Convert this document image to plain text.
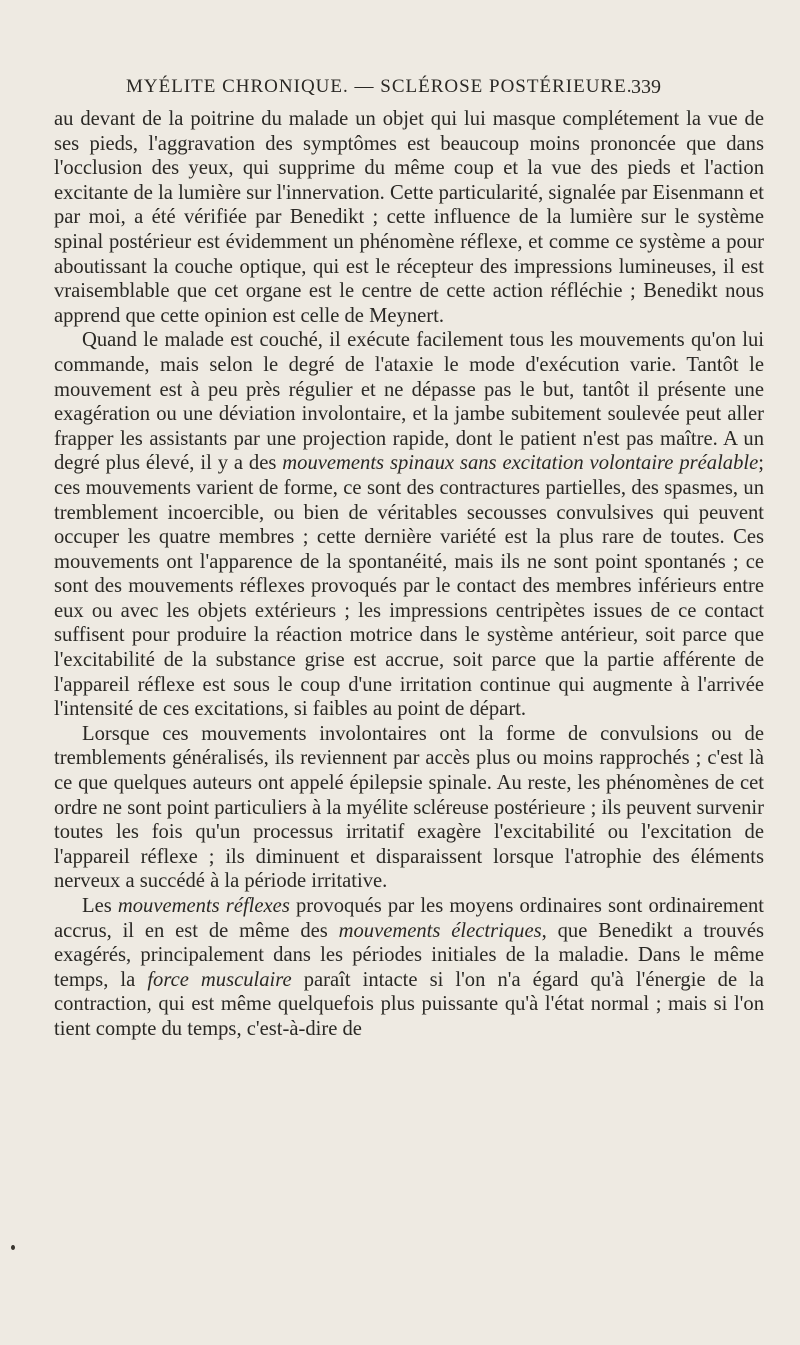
MYÉLITE CHRONIQUE. — SCLÉROSE POSTÉRIEURE.
339

au devant de la poitrine du malade un objet qui lui masque complétement la vue de ses pieds, l'aggravation des symptômes est beaucoup moins prononcée que dans l'occlusion des yeux, qui supprime du même coup et la vue des pieds et l'action excitante de la lumière sur l'innervation. Cette particularité, signalée par Eisenmann et par moi, a été vérifiée par Benedikt ; cette influence de la lumière sur le système spinal postérieur est évidemment un phénomène réflexe, et comme ce système a pour aboutissant la couche optique, qui est le récepteur des impressions lumineuses, il est vraisemblable que cet organe est le centre de cette action réfléchie ; Benedikt nous apprend que cette opinion est celle de Meynert.

Quand le malade est couché, il exécute facilement tous les mouvements qu'on lui commande, mais selon le degré de l'ataxie le mode d'exécution varie. Tantôt le mouvement est à peu près régulier et ne dépasse pas le but, tantôt il présente une exagération ou une déviation involontaire, et la jambe subitement soulevée peut aller frapper les assistants par une projection rapide, dont le patient n'est pas maître. A un degré plus élevé, il y a des mouvements spinaux sans excitation volontaire préalable; ces mouvements varient de forme, ce sont des contractures partielles, des spasmes, un tremblement incoercible, ou bien de véritables secousses convulsives qui peuvent occuper les quatre membres ; cette dernière variété est la plus rare de toutes. Ces mouvements ont l'apparence de la spontanéité, mais ils ne sont point spontanés ; ce sont des mouvements réflexes provoqués par le contact des membres inférieurs entre eux ou avec les objets extérieurs ; les impressions centripètes issues de ce contact suffisent pour produire la réaction motrice dans le système antérieur, soit parce que l'excitabilité de la substance grise est accrue, soit parce que la partie afférente de l'appareil réflexe est sous le coup d'une irritation continue qui augmente à l'arrivée l'intensité de ces excitations, si faibles au point de départ.

Lorsque ces mouvements involontaires ont la forme de convulsions ou de tremblements généralisés, ils reviennent par accès plus ou moins rapprochés ; c'est là ce que quelques auteurs ont appelé épilepsie spinale. Au reste, les phénomènes de cet ordre ne sont point particuliers à la myélite scléreuse postérieure ; ils peuvent survenir toutes les fois qu'un processus irritatif exagère l'excitabilité ou l'excitation de l'appareil réflexe ; ils diminuent et disparaissent lorsque l'atrophie des éléments nerveux a succédé à la période irritative.

Les mouvements réflexes provoqués par les moyens ordinaires sont ordinairement accrus, il en est de même des mouvements électriques, que Benedikt a trouvés exagérés, principalement dans les périodes initiales de la maladie. Dans le même temps, la force musculaire paraît intacte si l'on n'a égard qu'à l'énergie de la contraction, qui est même quelquefois plus puissante qu'à l'état normal ; mais si l'on tient compte du temps, c'est-à-dire de
